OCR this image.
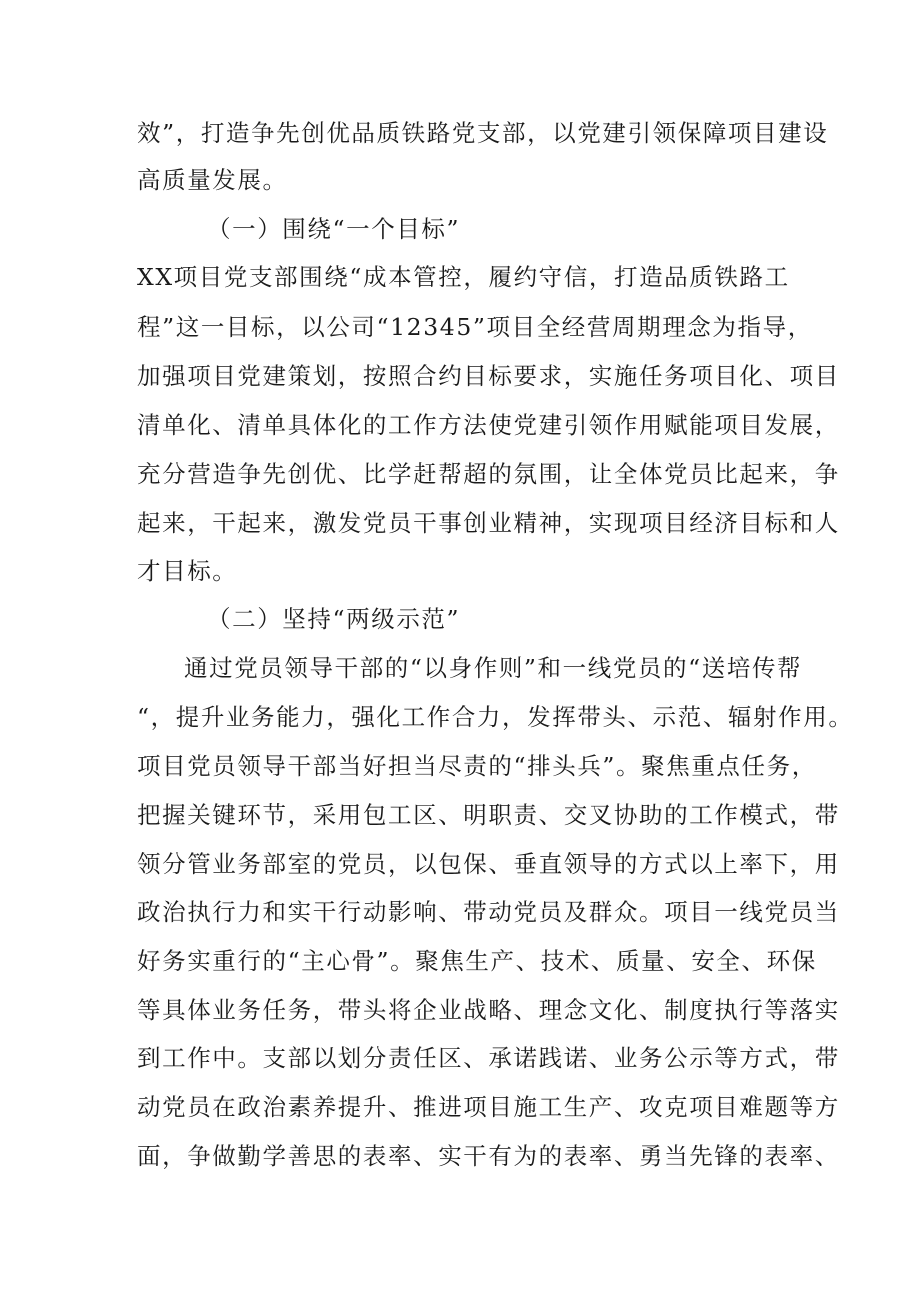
效”，打造争先创优品质铁路党支部，以党建引领保障项目建设
高质量发展。
（一）围绕“一个目标”
XX项目党支部围绕“成本管控，履约守信，打造品质铁路工
程”这一目标，以公司“12345”项目全经营周期理念为指导，
加强项目党建策划，按照合约目标要求，实施任务项目化、项目
清单化、清单具体化的工作方法使党建引领作用赋能项目发展，
充分营造争先创优、比学赶帮超的氛围，让全体党员比起来，争
起来，干起来，激发党员干事创业精神，实现项目经济目标和人
才目标。
（二）坚持“两级示范”
通过党员领导干部的“以身作则”和一线党员的“送培传帮
“，提升业务能力，强化工作合力，发挥带头、示范、辐射作用。
项目党员领导干部当好担当尽责的“排头兵”。聚焦重点任务，
把握关键环节，采用包工区、明职责、交叉协助的工作模式，带
领分管业务部室的党员，以包保、垂直领导的方式以上率下，用
政治执行力和实干行动影响、带动党员及群众。项目一线党员当
好务实重行的“主心骨”。聚焦生产、技术、质量、安全、环保
等具体业务任务，带头将企业战略、理念文化、制度执行等落实
到工作中。支部以划分责任区、承诺践诺、业务公示等方式，带
动党员在政治素养提升、推进项目施工生产、攻克项目难题等方
面，争做勤学善思的表率、实干有为的表率、勇当先锋的表率、
